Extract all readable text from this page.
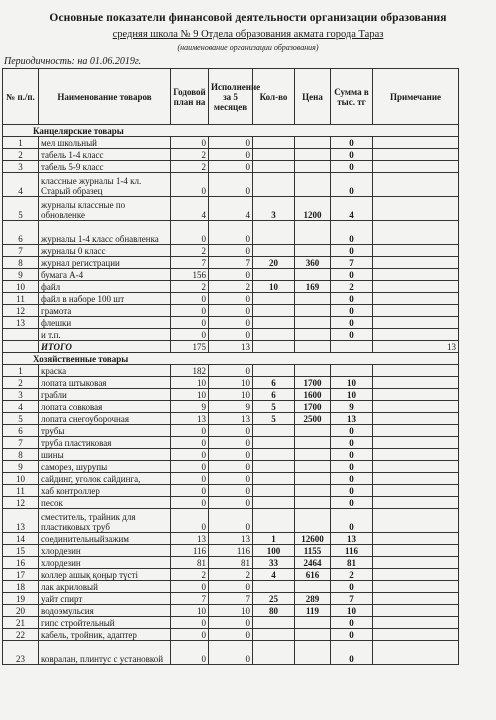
Основные показатели финансовой деятельности организации образования
средняя школа № 9 Отдела образования акмата города Тараз
(наименование организации образования)
Периодичность: на 01.06.2019г.
№ п./п.	Наименование товаров	Годовой план на	Исполнение за 5 месяцев	Кол-во	Цена	Сумма в тыс. тг	Примечание
Канцелярские товары							
1	мел школьный	0	0			0	
2	табель 1-4 класс	2	0			0	
3	табель 5-9 класс	2	0			0	
4	классные журналы 1-4 кл. Старый образец	0	0			0	
5	журналы классные по обновленке	4	4	3	1200	4	
6	журналы 1-4 класс обнавленка	0	0			0	
7	журналы 0 класс	2	0			0	
8	журнал регистрации	7	7	20	360	7	
9	бумага А-4	156	0			0	
10	файл	2	2	10	169	2	
11	файл в наборе 100 шт	0	0			0	
12	грамота	0	0			0	
13	флешки	0	0			0	
	и т.п.	0	0			0	
	ИТОГО	175	13				13
Хозяйственные товары							
1	краска	182	0				
2	лопата штыковая	10	10	6	1700	10	
3	грабли	10	10	6	1600	10	
4	лопата совковая	9	9	5	1700	9	
5	лопата снегоуборочная	13	13	5	2500	13	
6	трубы	0	0			0	
7	труба пластиковая	0	0			0	
8	шины	0	0			0	
9	саморез, шурупы	0	0			0	
10	сайдинг, уголок сайдинга,	0	0			0	
11	хаб контроллер	0	0			0	
12	песок	0	0			0	
13	сместитель, трайник для пластиковых труб	0	0			0	
14	соединительныйзажим	13	13	1	12600	13	
15	хлордезин	116	116	100	1155	116	
16	хлордезин	81	81	33	2464	81	
17	коллер ашық қоңыр түсті	2	2	4	616	2	
18	лак акриловый	0	0			0	
19	уайт спирт	7	7	25	289	7	
20	водоэмульсия	10	10	80	119	10	
21	гипс стройтельный	0	0			0	
22	кабель, тройник, адаптер	0	0			0	
23	ковралан, плинтус с установкой	0	0			0	
